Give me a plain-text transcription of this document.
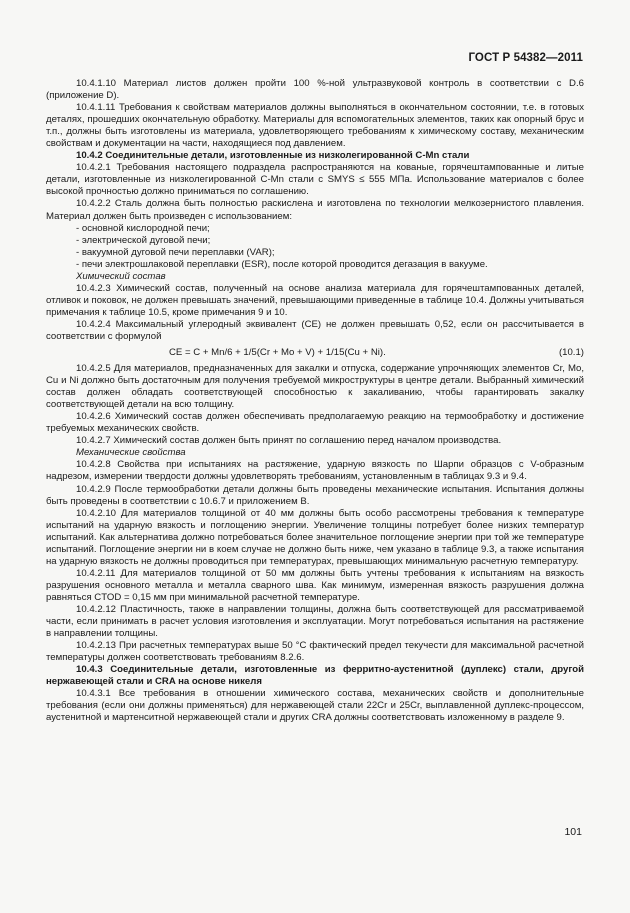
ГОСТ Р 54382—2011

10.4.1.10 Материал листов должен пройти 100 %-ной ультразвуковой контроль в соответствии с D.6 (приложение D).

10.4.1.11 Требования к свойствам материалов должны выполняться в окончательном состоянии, т.е. в готовых деталях, прошедших окончательную обработку. Материалы для вспомогательных элементов, таких как опорный брус и т.п., должны быть изготовлены из материала, удовлетворяющего требованиям к химическому составу, механическим свойствам и документации на части, находящиеся под давлением.

10.4.2 Соединительные детали, изготовленные из низколегированной С-Mn стали

10.4.2.1 Требования настоящего подраздела распространяются на кованые, горячештампованные и литые детали, изготовленные из низколегированной С-Mn стали с SMYS ≤ 555 МПа. Использование материалов с более высокой прочностью должно приниматься по соглашению.

10.4.2.2 Сталь должна быть полностью раскислена и изготовлена по технологии мелкозернистого плавления. Материал должен быть произведен с использованием:

- основной кислородной печи;

- электрической дуговой печи;

- вакуумной дуговой печи переплавки (VAR);

- печи электрошлаковой переплавки (ESR), после которой проводится дегазация в вакууме.

Химический состав

10.4.2.3 Химический состав, полученный на основе анализа материала для горячештампованных деталей, отливок и поковок, не должен превышать значений, превышающими приведенные в таблице 10.4. Должны учитываться примечания к таблице 10.5, кроме примечания 9 и 10.

10.4.2.4 Максимальный углеродный эквивалент (СЕ) не должен превышать 0,52, если он рассчитывается в соответствии с формулой

CE = C + Mn/6 + 1/5(Cr + Mo + V) + 1/15(Cu + Ni).	(10.1)

10.4.2.5 Для материалов, предназначенных для закалки и отпуска, содержание упрочняющих элементов Cr, Mo, Cu и Ni должно быть достаточным для получения требуемой микроструктуры в центре детали. Выбранный химический состав должен обладать соответствующей способностью к закаливанию, чтобы гарантировать закалку соответствующей детали на всю толщину.

10.4.2.6 Химический состав должен обеспечивать предполагаемую реакцию на термообработку и достижение требуемых механических свойств.

10.4.2.7 Химический состав должен быть принят по соглашению перед началом производства.

Механические свойства

10.4.2.8 Свойства при испытаниях на растяжение, ударную вязкость по Шарпи образцов с V-образным надрезом, измерении твердости должны удовлетворять требованиям, установленным в таблицах 9.3 и 9.4.

10.4.2.9 После термообработки детали должны быть проведены механические испытания. Испытания должны быть проведены в соответствии с 10.6.7 и приложением В.

10.4.2.10 Для материалов толщиной от 40 мм должны быть особо рассмотрены требования к температуре испытаний на ударную вязкость и поглощению энергии. Увеличение толщины потребует более низких температур испытаний. Как альтернатива должно потребоваться более значительное поглощение энергии при той же температуре испытаний. Поглощение энергии ни в коем случае не должно быть ниже, чем указано в таблице 9.3, а также испытания на ударную вязкость не должны проводиться при температурах, превышающих минимальную расчетную температуру.

10.4.2.11 Для материалов толщиной от 50 мм должны быть учтены требования к испытаниям на вязкость разрушения основного металла и металла сварного шва. Как минимум, измеренная вязкость разрушения должна равняться CTOD = 0,15 мм при минимальной расчетной температуре.

10.4.2.12 Пластичность, также в направлении толщины, должна быть соответствующей для рассматриваемой части, если принимать в расчет условия изготовления и эксплуатации. Могут потребоваться испытания на растяжение в направлении толщины.

10.4.2.13 При расчетных температурах выше 50 °С фактический предел текучести для максимальной расчетной температуры должен соответствовать требованиям 8.2.6.

10.4.3 Соединительные детали, изготовленные из ферритно-аустенитной (дуплекс) стали, другой нержавеющей стали и CRA на основе никеля

10.4.3.1 Все требования в отношении химического состава, механических свойств и дополнительные требования (если они должны применяться) для нержавеющей стали 22Cr и 25Cr, выплавленной дуплекс-процессом, аустенитной и мартенситной нержавеющей стали и других CRA должны соответствовать изложенному в разделе 9.

101
